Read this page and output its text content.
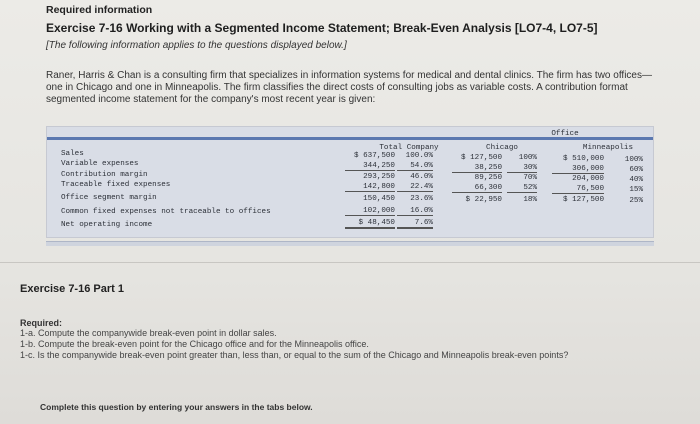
Required information
Exercise 7-16 Working with a Segmented Income Statement; Break-Even Analysis [LO7-4, LO7-5]
[The following information applies to the questions displayed below.]
Raner, Harris & Chan is a consulting firm that specializes in information systems for medical and dental clinics. The firm has two offices—one in Chicago and one in Minneapolis. The firm classifies the direct costs of consulting jobs as variable costs. A contribution format segmented income statement for the company's most recent year is given:
Office
Total Company	Chicago	Minneapolis
Sales	$ 637,500	100.0%	$ 127,500	100%	$ 510,000	100%
Variable expenses	344,250	54.0%	38,250	30%	306,000	60%
Contribution margin	293,250	46.0%	89,250	70%	204,000	40%
Traceable fixed expenses	142,800	22.4%	66,300	52%	76,500	15%
Office segment margin	150,450	23.6%	$ 22,950	18%	$ 127,500	25%
Common fixed expenses not traceable to offices	102,000	16.0%
Net operating income	$ 48,450	7.6%
Exercise 7-16 Part 1
Required:
1-a. Compute the companywide break-even point in dollar sales.
1-b. Compute the break-even point for the Chicago office and for the Minneapolis office.
1-c. Is the companywide break-even point greater than, less than, or equal to the sum of the Chicago and Minneapolis break-even points?
Complete this question by entering your answers in the tabs below.
